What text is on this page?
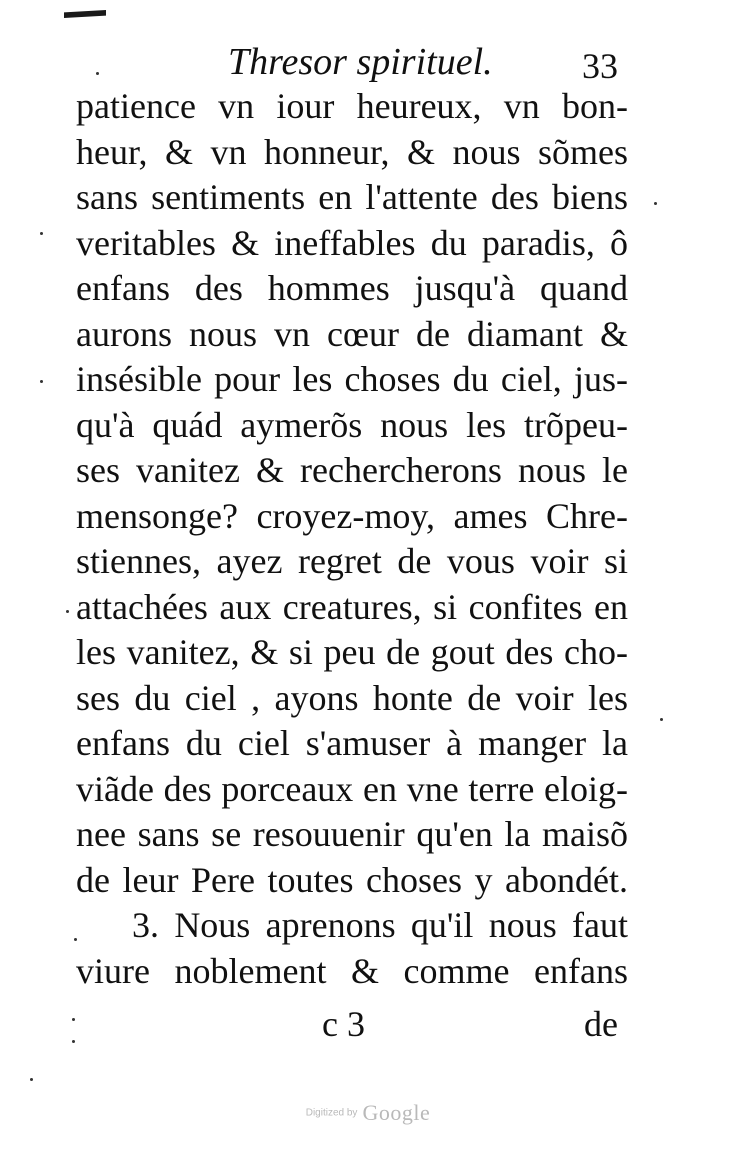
Thresor spirituel. 33
patience vn iour heureux, vn bon-
heur, & vn honneur, & nous sõmes
sans sentiments en l'attente des biens
veritables & ineffables du paradis, ô
enfans des hommes jusqu'à quand
aurons nous vn cœur de diamant &
insésible pour les choses du ciel, jus-
qu'à quád aymerõs nous les trõpeu-
ses vanitez & rechercherons nous le
mensonge? croyez-moy, ames Chre-
stiennes, ayez regret de vous voir si
attachées aux creatures, si confites en
les vanitez, & si peu de gout des cho-
ses du ciel , ayons honte de voir les
enfans du ciel s'amuser à manger la
viãde des porceaux en vne terre eloig-
nee sans se resouuenir qu'en la maisõ
de leur Pere toutes choses y abondét.
3. Nous aprenons qu'il nous faut
viure noblement & comme enfans
c 3	de
Digitized by Google
